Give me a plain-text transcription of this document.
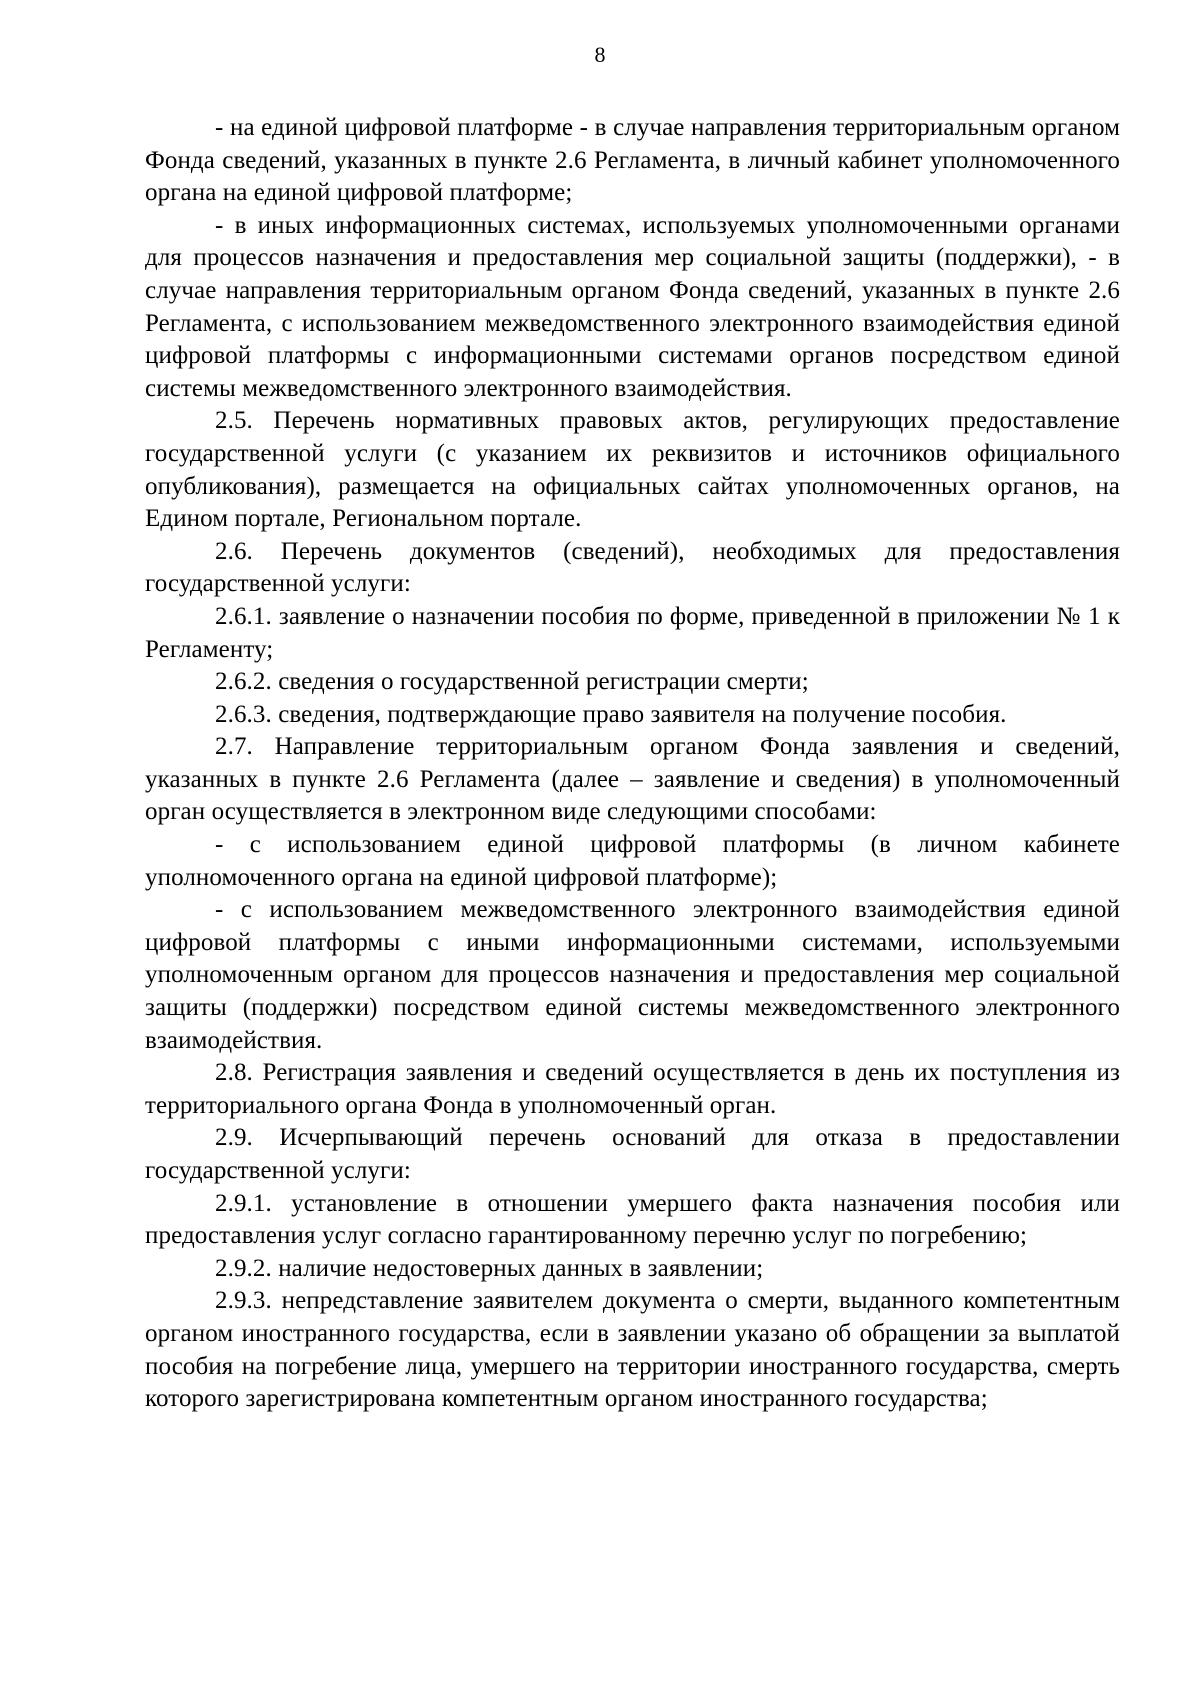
8

- на единой цифровой платформе - в случае направления территориальным органом Фонда сведений, указанных в пункте 2.6 Регламента, в личный кабинет уполномоченного органа на единой цифровой платформе;

- в иных информационных системах, используемых уполномоченными органами для процессов назначения и предоставления мер социальной защиты (поддержки), - в случае направления территориальным органом Фонда сведений, указанных в пункте 2.6 Регламента, с использованием межведомственного электронного взаимодействия единой цифровой платформы с информационными системами органов посредством единой системы межведомственного электронного взаимодействия.

2.5. Перечень нормативных правовых актов, регулирующих предоставление государственной услуги (с указанием их реквизитов и источников официального опубликования), размещается на официальных сайтах уполномоченных органов, на Едином портале, Региональном портале.

2.6. Перечень документов (сведений), необходимых для предоставления государственной услуги:

2.6.1. заявление о назначении пособия по форме, приведенной в приложении № 1 к Регламенту;

2.6.2. сведения о государственной регистрации смерти;

2.6.3. сведения, подтверждающие право заявителя на получение пособия.

2.7. Направление территориальным органом Фонда заявления и сведений, указанных в пункте 2.6 Регламента (далее – заявление и сведения) в уполномоченный орган осуществляется в электронном виде следующими способами:

- с использованием единой цифровой платформы (в личном кабинете уполномоченного органа на единой цифровой платформе);

- с использованием межведомственного электронного взаимодействия единой цифровой платформы с иными информационными системами, используемыми уполномоченным органом для процессов назначения и предоставления мер социальной защиты (поддержки) посредством единой системы межведомственного электронного взаимодействия.

2.8. Регистрация заявления и сведений осуществляется в день их поступления из территориального органа Фонда в уполномоченный орган.

2.9. Исчерпывающий перечень оснований для отказа в предоставлении государственной услуги:

2.9.1. установление в отношении умершего факта назначения пособия или предоставления услуг согласно гарантированному перечню услуг по погребению;

2.9.2. наличие недостоверных данных в заявлении;

2.9.3. непредставление заявителем документа о смерти, выданного компетентным органом иностранного государства, если в заявлении указано об обращении за выплатой пособия на погребение лица, умершего на территории иностранного государства, смерть которого зарегистрирована компетентным органом иностранного государства;
